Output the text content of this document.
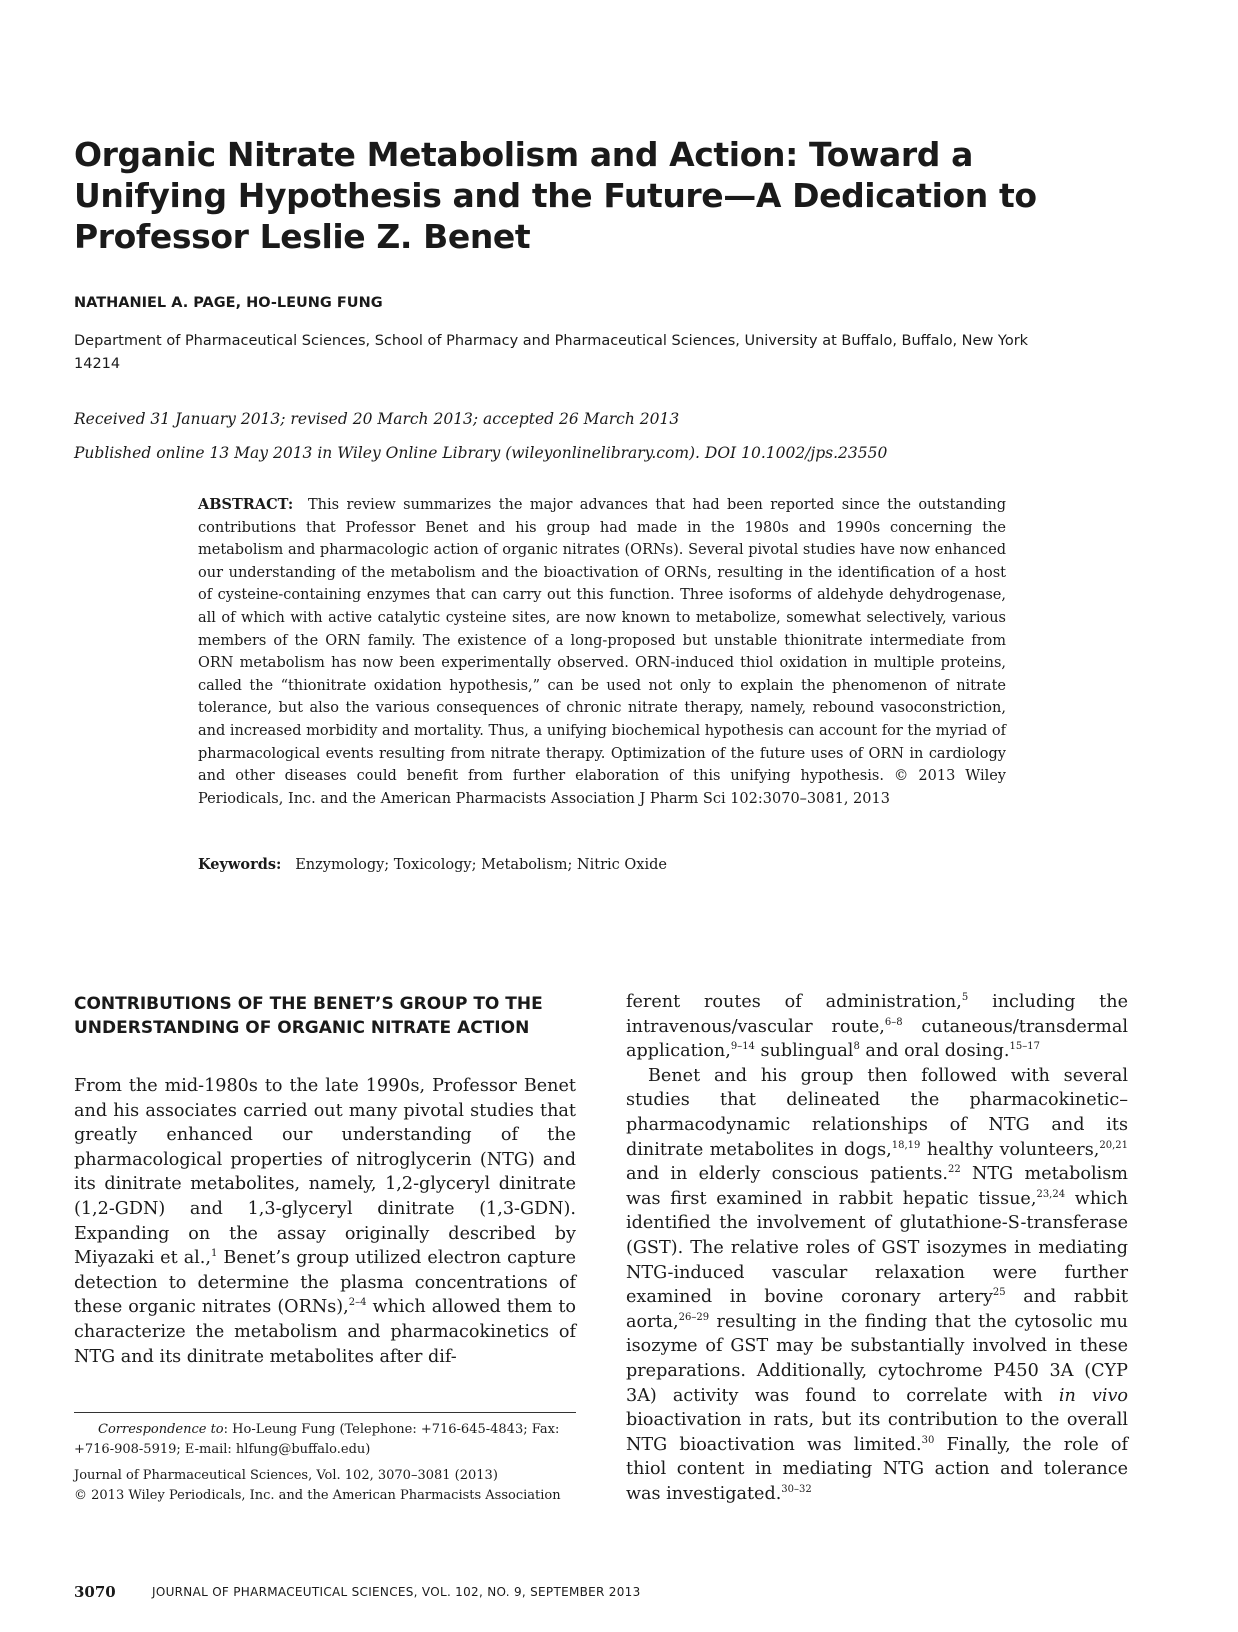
Organic Nitrate Metabolism and Action: Toward a Unifying Hypothesis and the Future—A Dedication to Professor Leslie Z. Benet
NATHANIEL A. PAGE, HO-LEUNG FUNG
Department of Pharmaceutical Sciences, School of Pharmacy and Pharmaceutical Sciences, University at Buffalo, Buffalo, New York 14214
Received 31 January 2013; revised 20 March 2013; accepted 26 March 2013
Published online 13 May 2013 in Wiley Online Library (wileyonlinelibrary.com). DOI 10.1002/jps.23550
ABSTRACT: This review summarizes the major advances that had been reported since the outstanding contributions that Professor Benet and his group had made in the 1980s and 1990s concerning the metabolism and pharmacologic action of organic nitrates (ORNs). Several pivotal studies have now enhanced our understanding of the metabolism and the bioactivation of ORNs, resulting in the identification of a host of cysteine-containing enzymes that can carry out this function. Three isoforms of aldehyde dehydrogenase, all of which with active catalytic cysteine sites, are now known to metabolize, somewhat selectively, various members of the ORN family. The existence of a long-proposed but unstable thionitrate intermediate from ORN metabolism has now been experimentally observed. ORN-induced thiol oxidation in multiple proteins, called the “thionitrate oxidation hypothesis,” can be used not only to explain the phenomenon of nitrate tolerance, but also the various consequences of chronic nitrate therapy, namely, rebound vasoconstriction, and increased morbidity and mortality. Thus, a unifying biochemical hypothesis can account for the myriad of pharmacological events resulting from nitrate therapy. Optimization of the future uses of ORN in cardiology and other diseases could benefit from further elaboration of this unifying hypothesis. © 2013 Wiley Periodicals, Inc. and the American Pharmacists Association J Pharm Sci 102:3070–3081, 2013
Keywords: Enzymology; Toxicology; Metabolism; Nitric Oxide
CONTRIBUTIONS OF THE BENET’S GROUP TO THE UNDERSTANDING OF ORGANIC NITRATE ACTION

From the mid-1980s to the late 1990s, Professor Benet and his associates carried out many pivotal studies that greatly enhanced our understanding of the pharmacological properties of nitroglycerin (NTG) and its dinitrate metabolites, namely, 1,2-glyceryl dinitrate (1,2-GDN) and 1,3-glyceryl dinitrate (1,3-GDN). Expanding on the assay originally described by Miyazaki et al.,$^1$ Benet’s group utilized electron capture detection to determine the plasma concentrations of these organic nitrates (ORNs),$^{2-4}$ which allowed them to characterize the metabolism and pharmacokinetics of NTG and its dinitrate metabolites after dif-

ferent routes of administration,$^5$ including the intravenous/vascular route,$^{6-8}$ cutaneous/transdermal application,$^{9-14}$ sublingual$^8$ and oral dosing.$^{15-17}$

Benet and his group then followed with several studies that delineated the pharmacokinetic–pharmacodynamic relationships of NTG and its dinitrate metabolites in dogs,$^{18,19}$ healthy volunteers,$^{20,21}$ and in elderly conscious patients.$^{22}$ NTG metabolism was first examined in rabbit hepatic tissue,$^{23,24}$ which identified the involvement of glutathione-S-transferase (GST). The relative roles of GST isozymes in mediating NTG-induced vascular relaxation were further examined in bovine coronary artery$^{25}$ and rabbit aorta,$^{26-29}$ resulting in the finding that the cytosolic mu isozyme of GST may be substantially involved in these preparations. Additionally, cytochrome P450 3A (CYP 3A) activity was found to correlate with in vivo bioactivation in rats, but its contribution to the overall NTG bioactivation was limited.$^{30}$ Finally, the role of thiol content in mediating NTG action and tolerance was investigated.$^{30-32}$

Correspondence to: Ho-Leung Fung (Telephone: +716-645-4843; Fax: +716-908-5919; E-mail: hlfung@buffalo.edu)
Journal of Pharmaceutical Sciences, Vol. 102, 3070–3081 (2013)
© 2013 Wiley Periodicals, Inc. and the American Pharmacists Association
3070	JOURNAL OF PHARMACEUTICAL SCIENCES, VOL. 102, NO. 9, SEPTEMBER 2013
